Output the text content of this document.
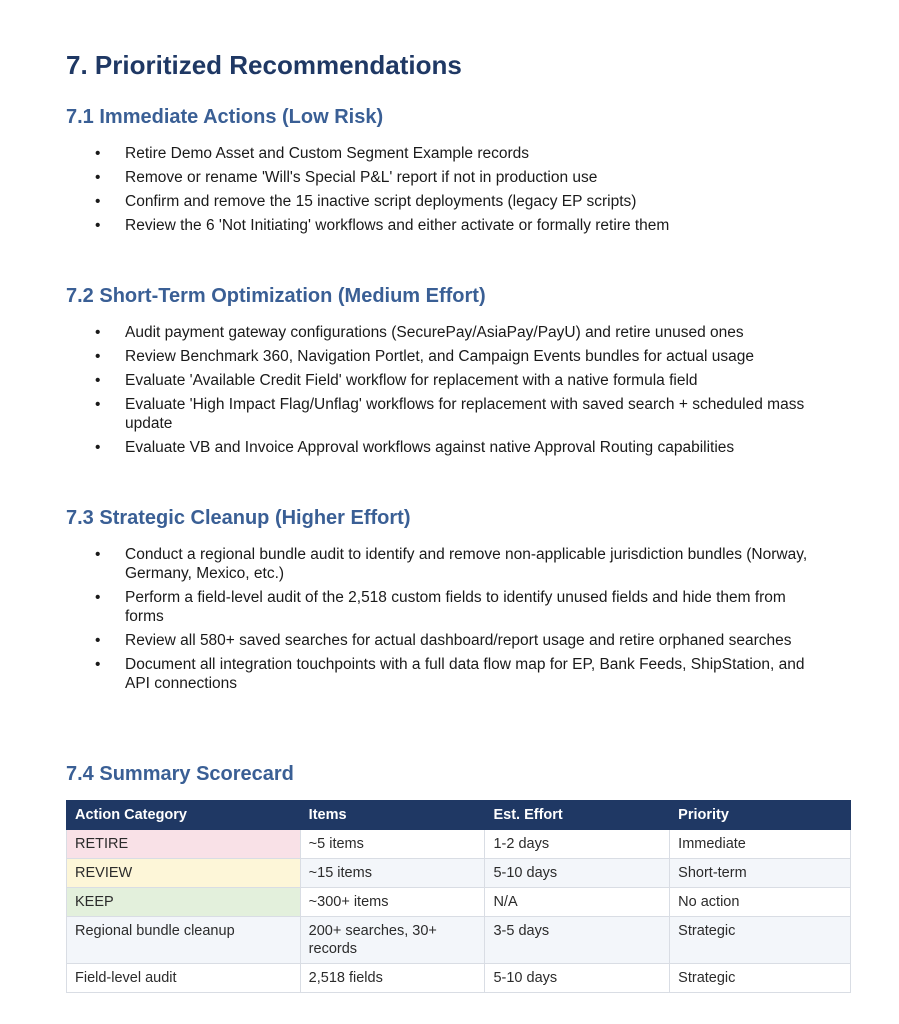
7. Prioritized Recommendations
7.1 Immediate Actions (Low Risk)
• Retire Demo Asset and Custom Segment Example records
• Remove or rename 'Will's Special P&L' report if not in production use
• Confirm and remove the 15 inactive script deployments (legacy EP scripts)
• Review the 6 'Not Initiating' workflows and either activate or formally retire them
7.2 Short-Term Optimization (Medium Effort)
• Audit payment gateway configurations (SecurePay/AsiaPay/PayU) and retire unused ones
• Review Benchmark 360, Navigation Portlet, and Campaign Events bundles for actual usage
• Evaluate 'Available Credit Field' workflow for replacement with a native formula field
• Evaluate 'High Impact Flag/Unflag' workflows for replacement with saved search + scheduled mass update
• Evaluate VB and Invoice Approval workflows against native Approval Routing capabilities
7.3 Strategic Cleanup (Higher Effort)
• Conduct a regional bundle audit to identify and remove non-applicable jurisdiction bundles (Norway, Germany, Mexico, etc.)
• Perform a field-level audit of the 2,518 custom fields to identify unused fields and hide them from forms
• Review all 580+ saved searches for actual dashboard/report usage and retire orphaned searches
• Document all integration touchpoints with a full data flow map for EP, Bank Feeds, ShipStation, and API connections
7.4 Summary Scorecard
Action Category	Items	Est. Effort	Priority
RETIRE	~5 items	1-2 days	Immediate
REVIEW	~15 items	5-10 days	Short-term
KEEP	~300+ items	N/A	No action
Regional bundle cleanup	200+ searches, 30+ records	3-5 days	Strategic
Field-level audit	2,518 fields	5-10 days	Strategic
